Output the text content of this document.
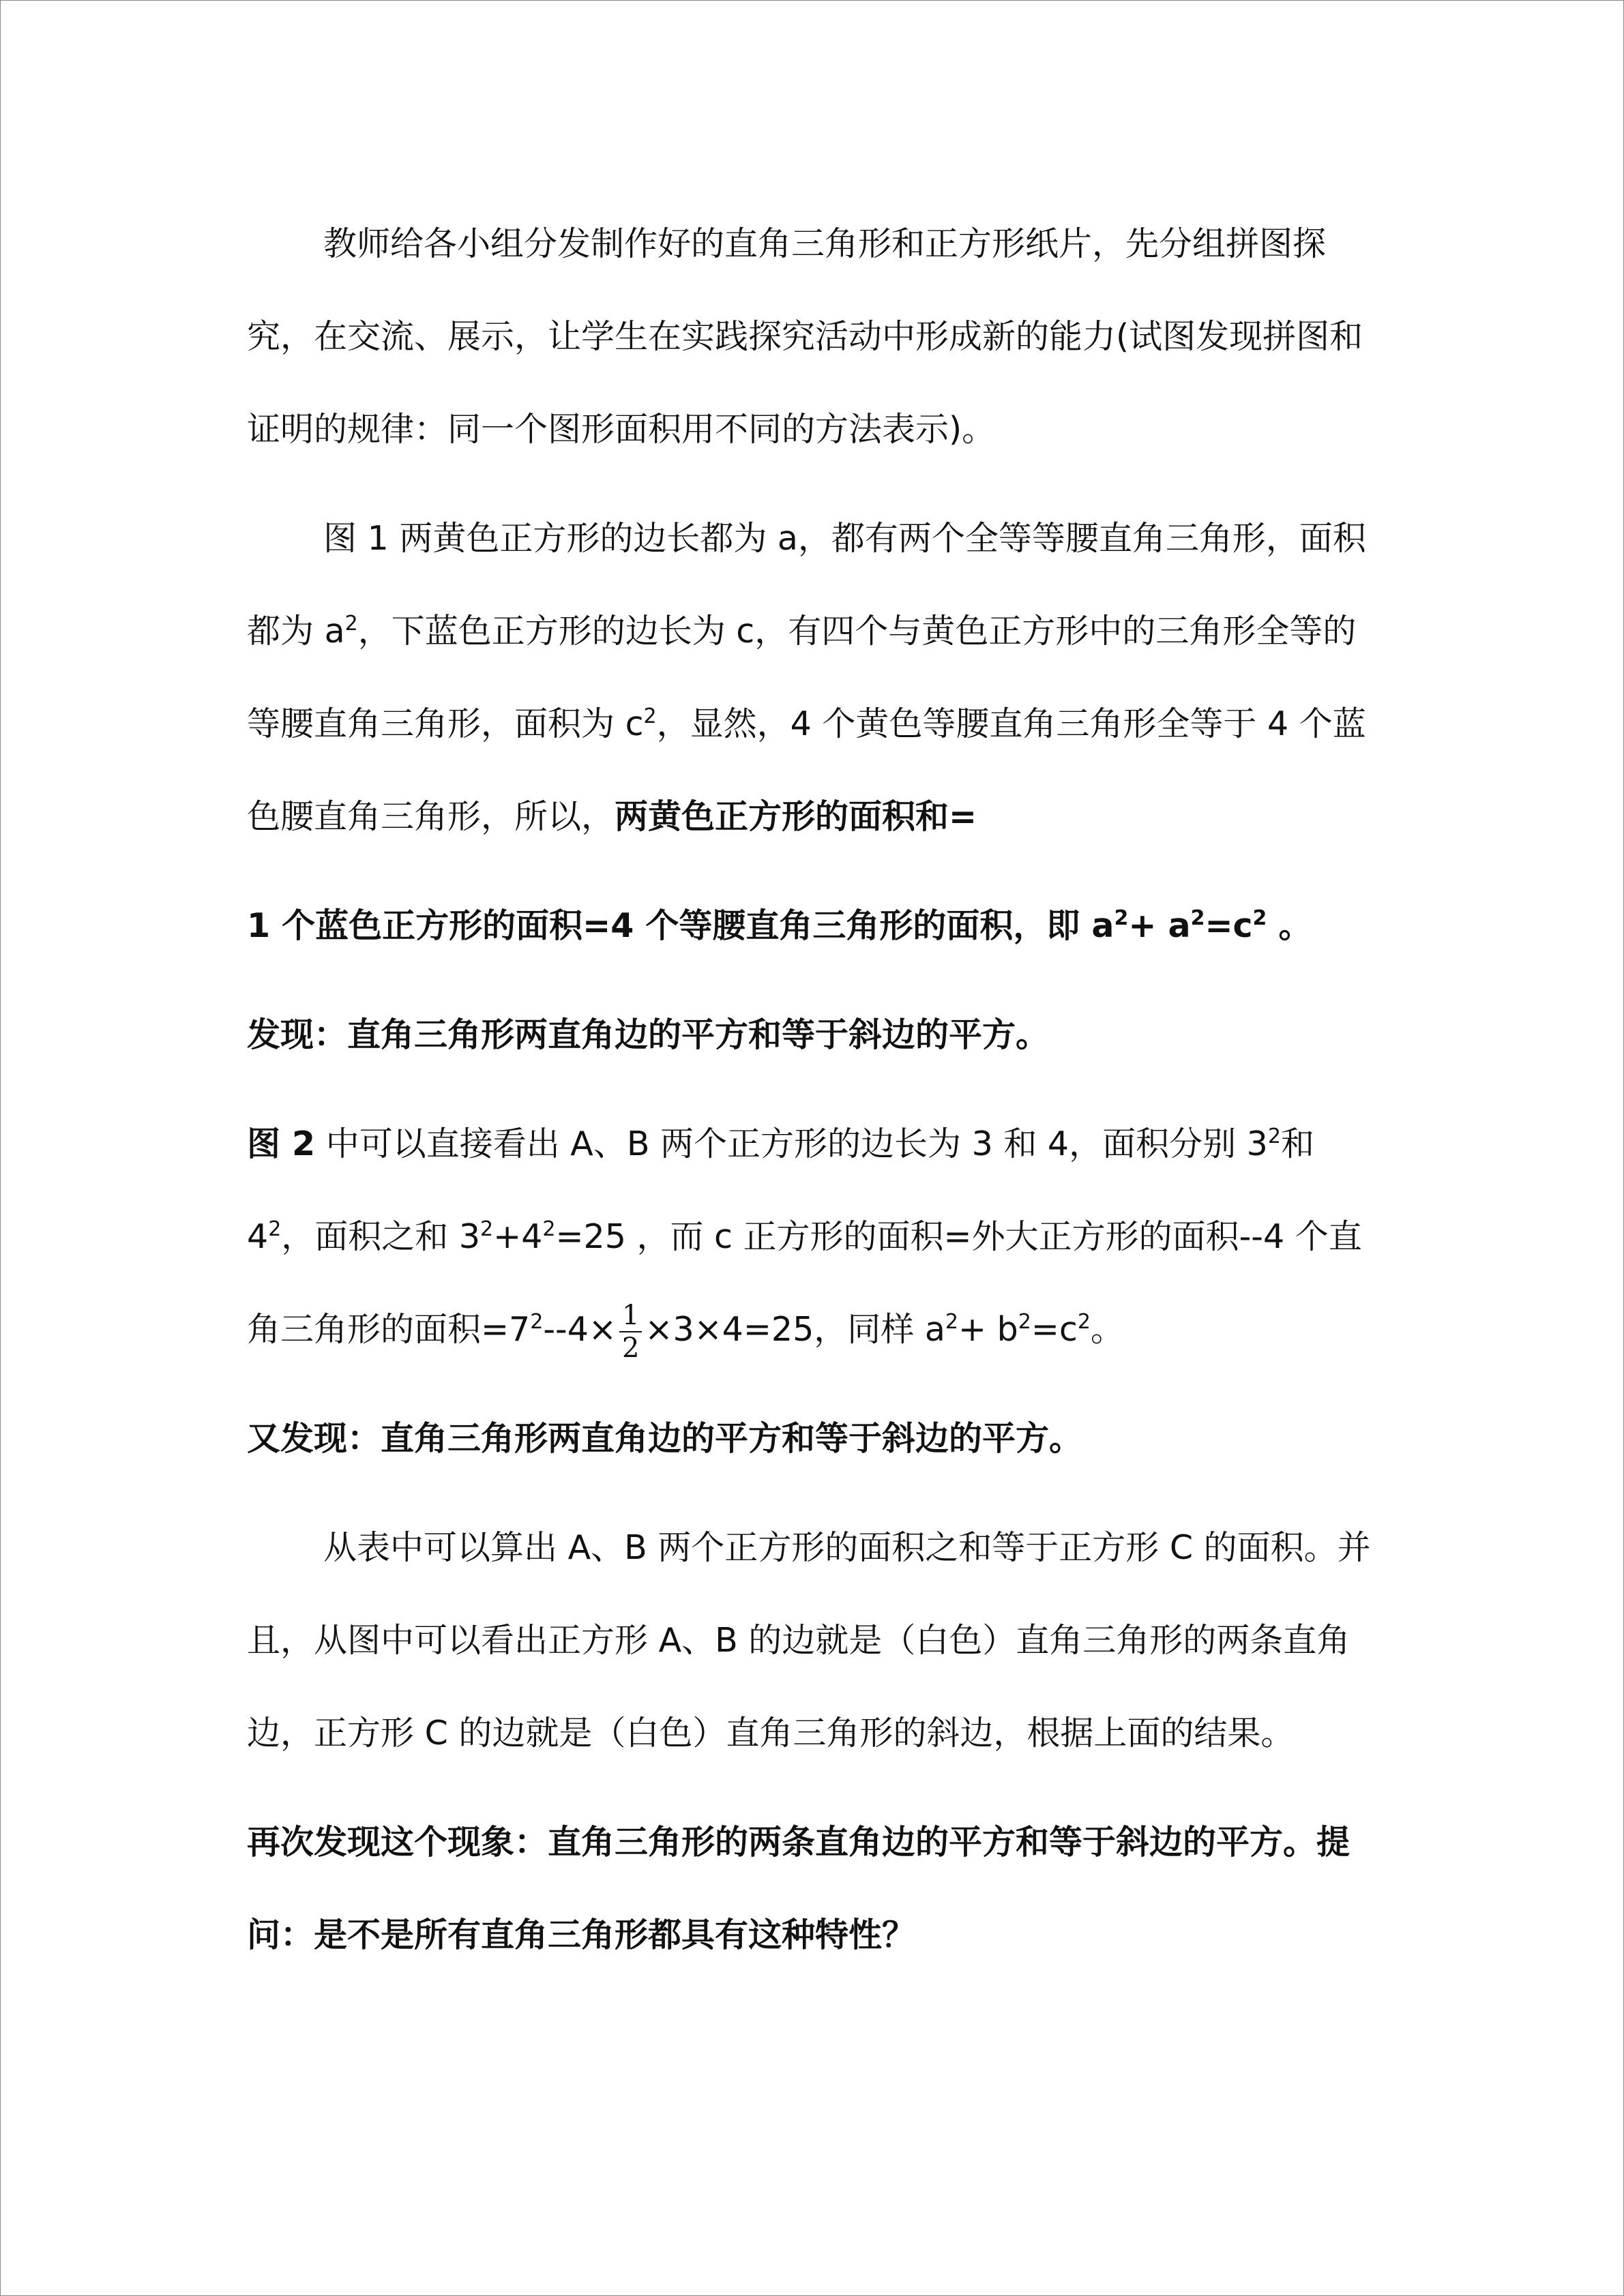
教师给各小组分发制作好的直角三角形和正方形纸片，先分组拼图探究，在交流、展示，让学生在实践探究活动中形成新的能力(试图发现拼图和证明的规律：同一个图形面积用不同的方法表示)。

图 1 两黄色正方形的边长都为 a，都有两个全等等腰直角三角形，面积都为 $a^2$，下蓝色正方形的边长为 c，有四个与黄色正方形中的三角形全等的等腰直角三角形，面积为 $c^2$，显然，4 个黄色等腰直角三角形全等于 4 个蓝色腰直角三角形，所以，两黄色正方形的面积和=

1 个蓝色正方形的面积=4 个等腰直角三角形的面积，即 $a^2+ a^2=c^2$ 。

发现：直角三角形两直角边的平方和等于斜边的平方。

图 2 中可以直接看出 A、B 两个正方形的边长为 3 和 4，面积分别 $3^2$和 $4^2$，面积之和 $3^2+4^2=25$ ，而 c 正方形的面积=外大正方形的面积--4 个直角三角形的面积$=7^2--4\times \frac{1}{2} \times 3\times 4=25$，同样 $a^2+ b^2=c^2$。

又发现：直角三角形两直角边的平方和等于斜边的平方。

从表中可以算出 A、B 两个正方形的面积之和等于正方形 C 的面积。并且，从图中可以看出正方形 A、B 的边就是（白色）直角三角形的两条直角边，正方形 C 的边就是（白色）直角三角形的斜边，根据上面的结果。

再次发现这个现象：直角三角形的两条直角边的平方和等于斜边的平方。提问：是不是所有直角三角形都具有这种特性？
